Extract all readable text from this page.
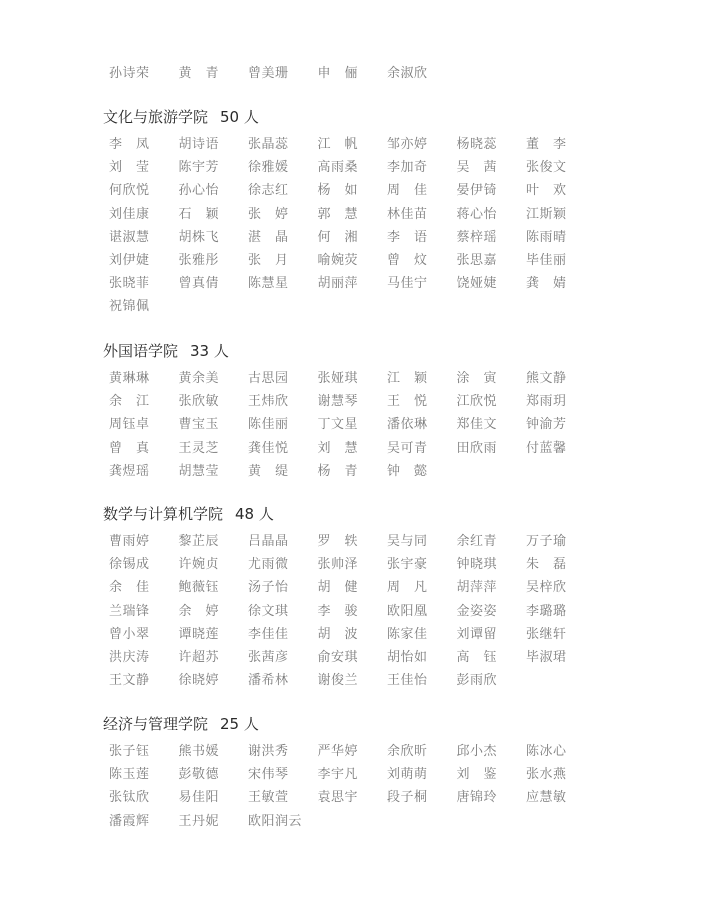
孙诗荣	黄　青	曾美珊	申　俪	余淑欣
文化与旅游学院 50 人
李　凤	胡诗语	张晶蕊	江　帆	邹亦婷	杨晓蕊	董　李
刘　莹	陈宇芳	徐雅媛	高雨桑	李加奇	吴　茜	张俊文
何欣悦	孙心怡	徐志红	杨　如	周　佳	晏伊锜	叶　欢
刘佳康	石　颖	张　婷	郭　慧	林佳苗	蒋心怡	江斯颖
谌淑慧	胡株飞	湛　晶	何　湘	李　语	蔡梓瑶	陈雨晴
刘伊婕	张雅彤	张　月	喻婉荧	曾　炆	张思嘉	毕佳丽
张晓菲	曾真倩	陈慧星	胡丽萍	马佳宁	饶娅婕	龚　婧
祝锦佩
外国语学院 33 人
黄琳琳	黄余美	古思园	张娅琪	江　颖	涂　寅	熊文静
余　江	张欣敏	王炜欣	谢慧琴	王　悦	江欣悦	郑雨玥
周钰卓	曹宝玉	陈佳丽	丁文星	潘依琳	郑佳文	钟渝芳
曾　真	王灵芝	龚佳悦	刘　慧	吴可青	田欣雨	付蓝馨
龚煜瑶	胡慧莹	黄　缇	杨　青	钟　懿
数学与计算机学院 48 人
曹雨婷	黎芷辰	吕晶晶	罗　轶	吴与同	余红青	万子瑜
徐锡成	许婉贞	尤雨微	张帅泽	张宇豪	钟晓琪	朱　磊
余　佳	鲍薇钰	汤子怡	胡　健	周　凡	胡萍萍	吴梓欣
兰瑞锋	余　婷	徐文琪	李　骏	欧阳凰	金姿姿	李璐璐
曾小翠	谭晓莲	李佳佳	胡　波	陈家佳	刘谭留	张继轩
洪庆涛	许超苏	张茜彦	俞安琪	胡怡如	高　钰	毕淑珺
王文静	徐晓婷	潘希林	谢俊兰	王佳怡	彭雨欣
经济与管理学院 25 人
张子钰	熊书媛	谢洪秀	严华婷	余欣昕	邱小杰	陈冰心
陈玉莲	彭敬德	宋伟琴	李宇凡	刘萌萌	刘　鉴	张水燕
张钛欣	易佳阳	王敏萱	袁思宇	段子桐	唐锦玲	应慧敏
潘霞辉	王丹妮	欧阳润云
